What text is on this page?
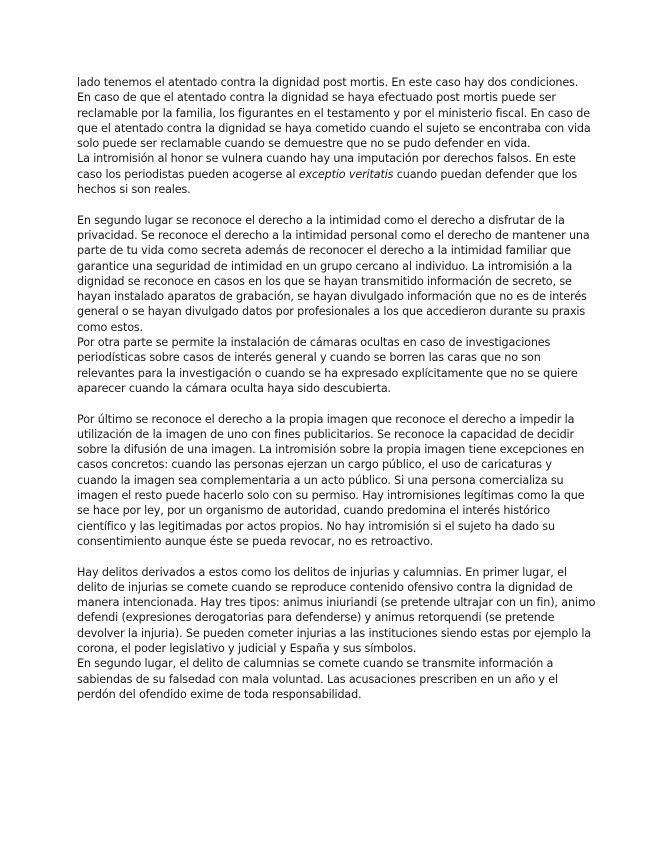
lado tenemos el atentado contra la dignidad post mortis. En este caso hay dos condiciones.
En caso de que el atentado contra la dignidad se haya efectuado post mortis puede ser
reclamable por la familia, los figurantes en el testamento y por el ministerio fiscal. En caso de
que el atentado contra la dignidad se haya cometido cuando el sujeto se encontraba con vida
solo puede ser reclamable cuando se demuestre que no se pudo defender en vida.
La intromisión al honor se vulnera cuando hay una imputación por derechos falsos. En este
caso los periodistas pueden acogerse al exceptio veritatis cuando puedan defender que los
hechos si son reales.
En segundo lugar se reconoce el derecho a la intimidad como el derecho a disfrutar de la
privacidad. Se reconoce el derecho a la intimidad personal como el derecho de mantener una
parte de tu vida como secreta además de reconocer el derecho a la intimidad familiar que
garantice una seguridad de intimidad en un grupo cercano al individuo. La intromisión a la
dignidad se reconoce en casos en los que se hayan transmitido información de secreto, se
hayan instalado aparatos de grabación, se hayan divulgado información que no es de interés
general o se hayan divulgado datos por profesionales a los que accedieron durante su praxis
como estos.
Por otra parte se permite la instalación de cámaras ocultas en caso de investigaciones
periodísticas sobre casos de interés general y cuando se borren las caras que no son
relevantes para la investigación o cuando se ha expresado explícitamente que no se quiere
aparecer cuando la cámara oculta haya sido descubierta.
Por último se reconoce el derecho a la propia imagen que reconoce el derecho a impedir la
utilización de la imagen de uno con fines publicitarios. Se reconoce la capacidad de decidir
sobre la difusión de una imagen. La intromisión sobre la propia imagen tiene excepciones en
casos concretos: cuando las personas ejerzan un cargo público, el uso de caricaturas y
cuando la imagen sea complementaria a un acto público. Si una persona comercializa su
imagen el resto puede hacerlo solo con su permiso. Hay intromisiones legítimas como la que
se hace por ley, por un organismo de autoridad, cuando predomina el interés histórico
científico y las legitimadas por actos propios. No hay intromisión si el sujeto ha dado su
consentimiento aunque éste se pueda revocar, no es retroactivo.
Hay delitos derivados a estos como los delitos de injurias y calumnias. En primer lugar, el
delito de injurias se comete cuando se reproduce contenido ofensivo contra la dignidad de
manera intencionada. Hay tres tipos: animus iniuriandi (se pretende ultrajar con un fin), animo
defendi (expresiones derogatorias para defenderse) y animus retorquendi (se pretende
devolver la injuria). Se pueden cometer injurias a las instituciones siendo estas por ejemplo la
corona, el poder legislativo y judicial y España y sus símbolos.
En segundo lugar, el delito de calumnias se comete cuando se transmite información a
sabiendas de su falsedad con mala voluntad. Las acusaciones prescriben en un año y el
perdón del ofendido exime de toda responsabilidad.
